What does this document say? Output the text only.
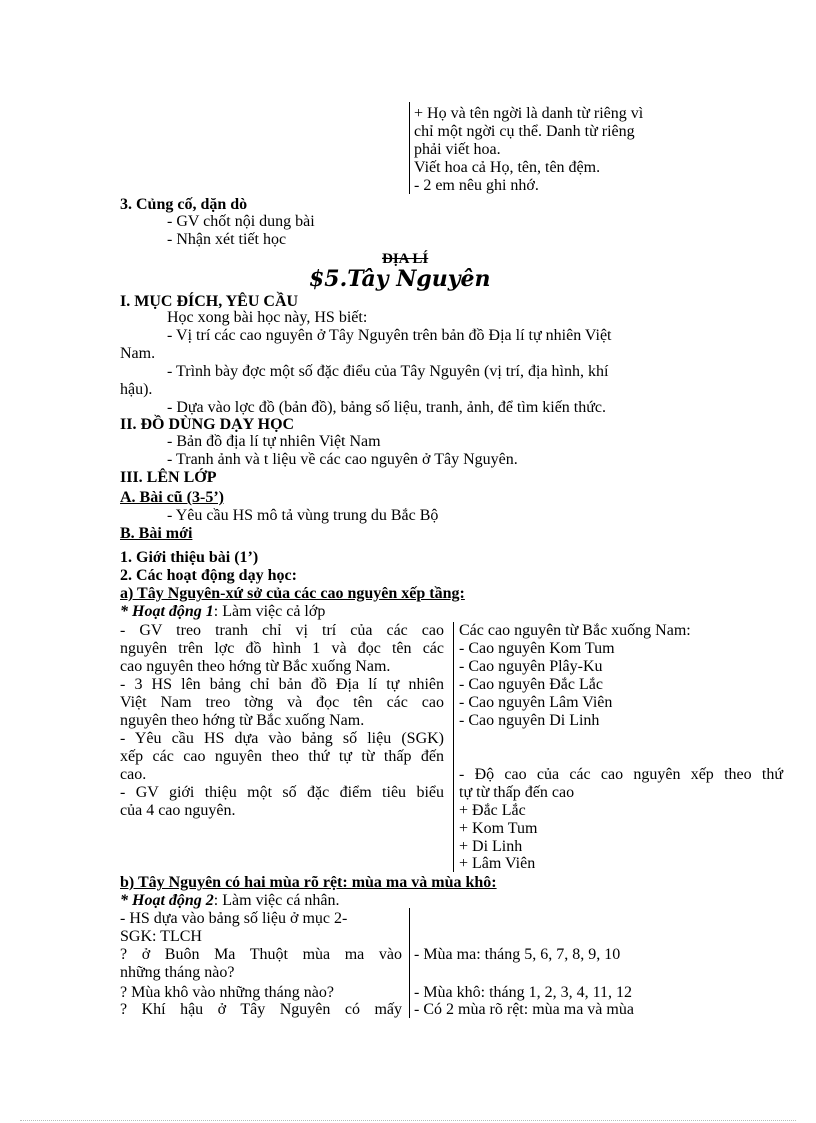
+ Họ và tên ngời là danh từ riêng vì
chỉ một ngời cụ thể. Danh từ riêng
phải viết hoa.
Viết hoa cả Họ, tên, tên đệm.
- 2 em nêu ghi nhớ.
3. Củng cố, dặn dò
- GV chốt nội dung bài
- Nhận xét tiết học
ĐỊA LÍ
$5.Tây Nguyên
I. MỤC ĐÍCH, YÊU CẦU
Học xong bài học này, HS biết:
- Vị trí các cao nguyên ở Tây Nguyên trên bản đồ Địa lí tự nhiên Việt
Nam.
- Trình bày đợc một số đặc điểu của Tây Nguyên (vị trí, địa hình, khí
hậu).
- Dựa vào lợc đồ (bản đồ), bảng số liệu, tranh, ảnh, để tìm kiến thức.
II. ĐỒ DÙNG DẠY HỌC
- Bản đồ địa lí tự nhiên Việt Nam
- Tranh ảnh và t liệu về các cao nguyên ở Tây Nguyên.
III. LÊN LỚP
A. Bài cũ (3-5’)
- Yêu cầu HS mô tả vùng trung du Bắc Bộ
B. Bài mới
1. Giới thiệu bài (1’)
2. Các hoạt động dạy học:
a) Tây Nguyên-xứ sở của các cao nguyên xếp tầng:
* Hoạt động 1: Làm việc cả lớp
- GV treo tranh chỉ vị trí của các cao
nguyên trên lợc đồ hình 1 và đọc tên các
cao nguyên theo hớng từ Bắc xuống Nam.
- 3 HS lên bảng chỉ bản đồ Địa lí tự nhiên
Việt Nam treo tờng và đọc tên các cao
nguyên theo hớng từ Bắc xuống Nam.
- Yêu cầu HS dựa vào bảng số liệu (SGK)
xếp các cao nguyên theo thứ tự từ thấp đến
cao.
- GV giới thiệu một số đặc điểm tiêu biểu
của 4 cao nguyên.
Các cao nguyên từ Bắc xuống Nam:
- Cao nguyên Kom Tum
- Cao nguyên Plây-Ku
- Cao nguyên Đắc Lắc
- Cao nguyên Lâm Viên
- Cao nguyên Di Linh
- Độ cao của các cao nguyên xếp theo thứ
tự từ thấp đến cao
+ Đắc Lắc
+ Kom Tum
+ Di Linh
+ Lâm Viên
b) Tây Nguyên có hai mùa rõ rệt: mùa ma và mùa khô:
* Hoạt động 2: Làm việc cá nhân.
- HS dựa vào bảng số liệu ở mục 2-
SGK: TLCH
? ở Buôn Ma Thuột mùa ma vào
những tháng nào?
? Mùa khô vào những tháng nào?
? Khí hậu ở Tây Nguyên có mấy
- Mùa ma: tháng 5, 6, 7, 8, 9, 10
- Mùa khô: tháng 1, 2, 3, 4, 11, 12
- Có 2 mùa rõ rệt: mùa ma và mùa
